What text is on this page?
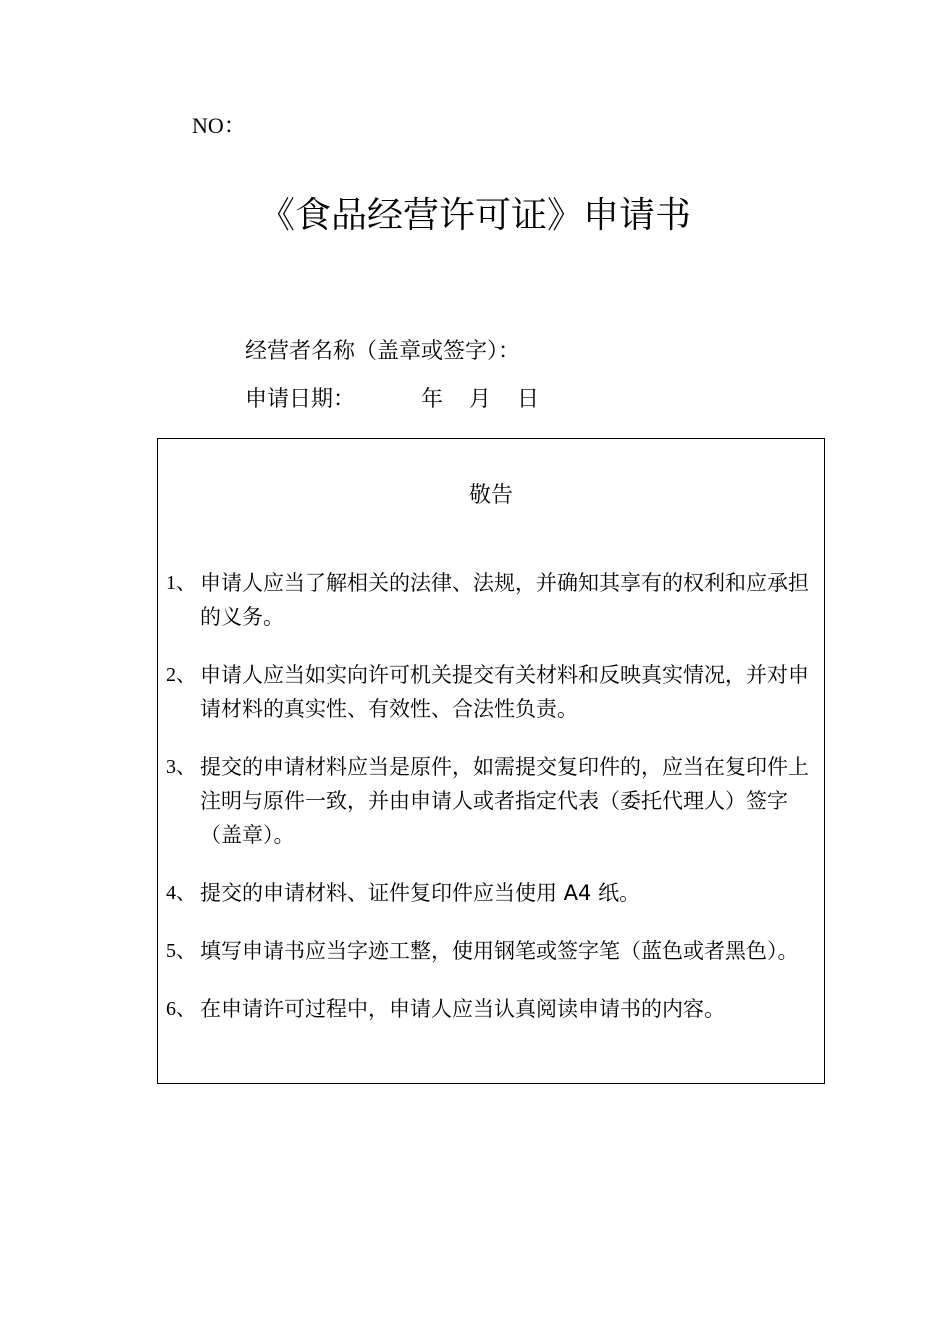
NO：
《食品经营许可证》申请书
经营者名称（盖章或签字）：
申请日期：	年 月 日
敬告
1、 申请人应当了解相关的法律、法规，并确知其享有的权利和应承担的义务。
2、 申请人应当如实向许可机关提交有关材料和反映真实情况，并对申请材料的真实性、有效性、合法性负责。
3、 提交的申请材料应当是原件，如需提交复印件的，应当在复印件上注明与原件一致，并由申请人或者指定代表（委托代理人）签字（盖章）。
4、 提交的申请材料、证件复印件应当使用 A4 纸。
5、 填写申请书应当字迹工整，使用钢笔或签字笔（蓝色或者黑色）。
6、 在申请许可过程中，申请人应当认真阅读申请书的内容。
